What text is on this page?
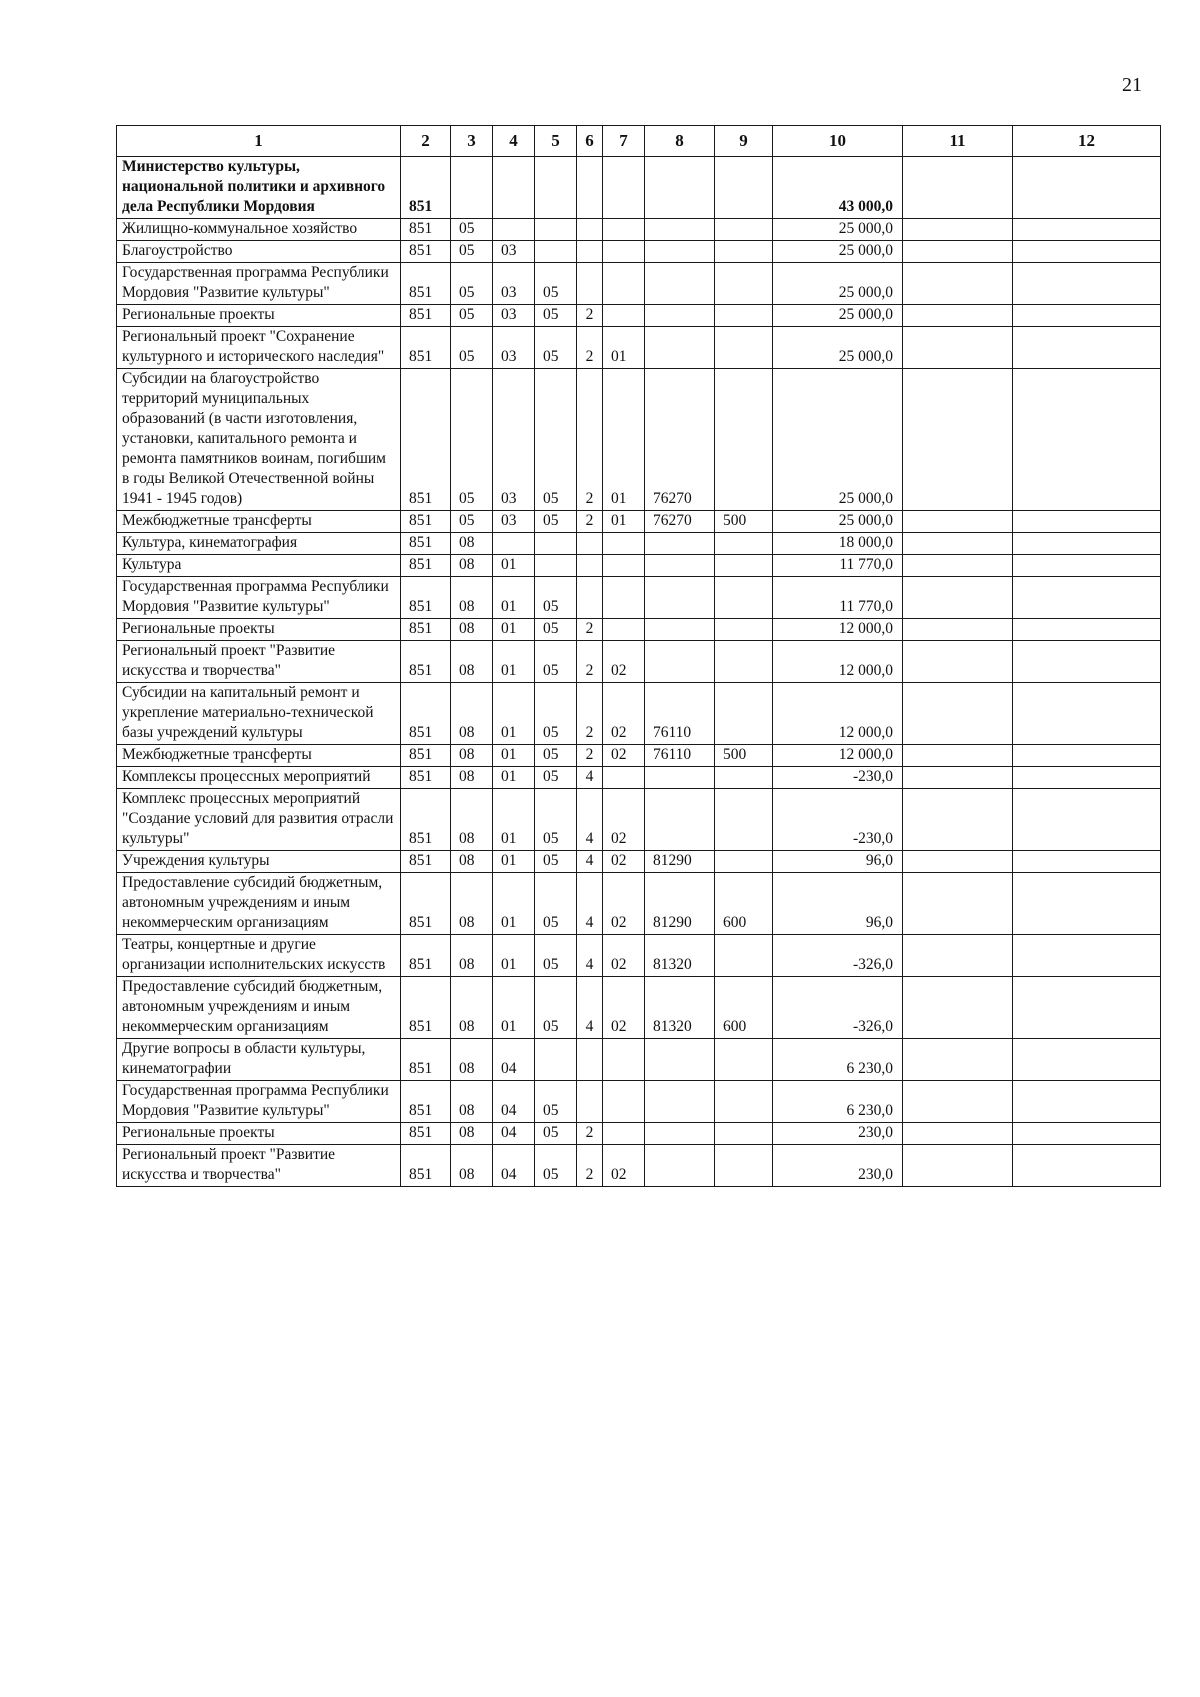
21
1	2	3	4	5	6	7	8	9	10	11	12
Министерство культуры, национальной политики и архивного дела Республики Мордовия	851								43 000,0		
Жилищно-коммунальное хозяйство	851	05							25 000,0		
Благоустройство	851	05	03						25 000,0		
Государственная программа Республики Мордовия "Развитие культуры"	851	05	03	05					25 000,0		
Региональные проекты	851	05	03	05	2				25 000,0		
Региональный проект "Сохранение культурного и исторического наследия"	851	05	03	05	2	01			25 000,0		
Субсидии на благоустройство территорий муниципальных образований (в части изготовления, установки, капитального ремонта и ремонта памятников воинам, погибшим в годы Великой Отечественной войны 1941 - 1945 годов)	851	05	03	05	2	01	76270		25 000,0		
Межбюджетные трансферты	851	05	03	05	2	01	76270	500	25 000,0		
Культура, кинематография	851	08							18 000,0		
Культура	851	08	01						11 770,0		
Государственная программа Республики Мордовия "Развитие культуры"	851	08	01	05					11 770,0		
Региональные проекты	851	08	01	05	2				12 000,0		
Региональный проект "Развитие искусства и творчества"	851	08	01	05	2	02			12 000,0		
Субсидии на капитальный ремонт и укрепление материально-технической базы учреждений культуры	851	08	01	05	2	02	76110		12 000,0		
Межбюджетные трансферты	851	08	01	05	2	02	76110	500	12 000,0		
Комплексы процессных мероприятий	851	08	01	05	4				-230,0		
Комплекс процессных мероприятий "Создание условий для развития отрасли культуры"	851	08	01	05	4	02			-230,0		
Учреждения культуры	851	08	01	05	4	02	81290		96,0		
Предоставление субсидий бюджетным, автономным учреждениям и иным некоммерческим организациям	851	08	01	05	4	02	81290	600	96,0		
Театры, концертные и другие организации исполнительских искусств	851	08	01	05	4	02	81320		-326,0		
Предоставление субсидий бюджетным, автономным учреждениям и иным некоммерческим организациям	851	08	01	05	4	02	81320	600	-326,0		
Другие вопросы в области культуры, кинематографии	851	08	04						6 230,0		
Государственная программа Республики Мордовия "Развитие культуры"	851	08	04	05					6 230,0		
Региональные проекты	851	08	04	05	2				230,0		
Региональный проект "Развитие искусства и творчества"	851	08	04	05	2	02			230,0		
